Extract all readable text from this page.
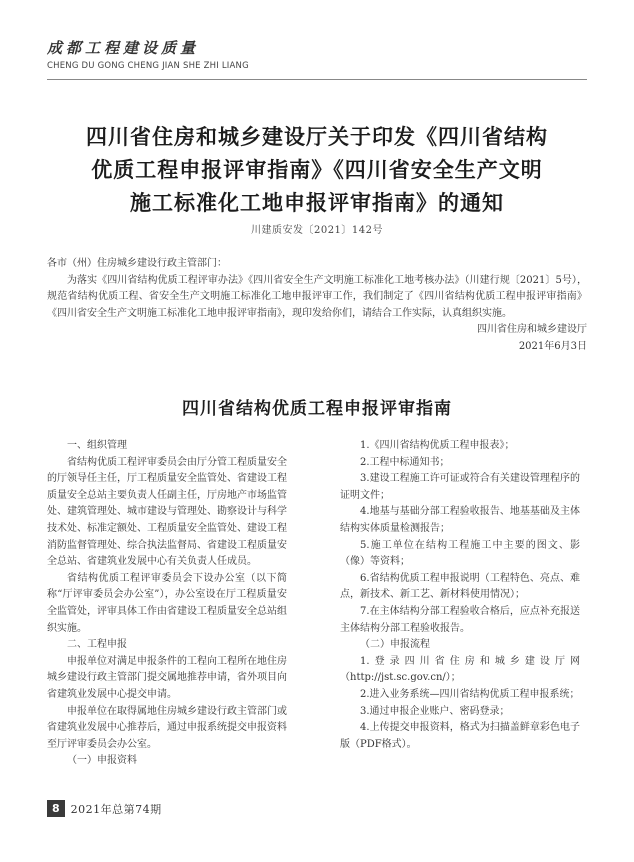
成都工程建设质量
CHENG DU GONG CHENG JIAN SHE ZHI LIANG
四川省住房和城乡建设厅关于印发《四川省结构
优质工程申报评审指南》《四川省安全生产文明
施工标准化工地申报评审指南》的通知
川建质安发〔2021〕142号

各市（州）住房城乡建设行政主管部门：

为落实《四川省结构优质工程评审办法》《四川省安全生产文明施工标准化工地考核办法》（川建行规〔2021〕5号），规范省结构优质工程、省安全生产文明施工标准化工地申报评审工作，我们制定了《四川省结构优质工程申报评审指南》《四川省安全生产文明施工标准化工地申报评审指南》，现印发给你们，请结合工作实际，认真组织实施。

四川省住房和城乡建设厅

2021年6月3日

四川省结构优质工程申报评审指南

一、组织管理

省结构优质工程评审委员会由厅分管工程质量安全的厅领导任主任，厅工程质量安全监管处、省建设工程质量安全总站主要负责人任副主任，厅房地产市场监管处、建筑管理处、城市建设与管理处、勘察设计与科学技术处、标准定额处、工程质量安全监管处、建设工程消防监督管理处、综合执法监督局、省建设工程质量安全总站、省建筑业发展中心有关负责人任成员。

省结构优质工程评审委员会下设办公室（以下简称“厅评审委员会办公室”），办公室设在厅工程质量安全监管处，评审具体工作由省建设工程质量安全总站组织实施。

二、工程申报

申报单位对满足申报条件的工程向工程所在地住房城乡建设行政主管部门提交属地推荐申请，省外项目向省建筑业发展中心提交申请。

申报单位在取得属地住房城乡建设行政主管部门或省建筑业发展中心推荐后，通过申报系统提交申报资料至厅评审委员会办公室。

（一）申报资料

1.《四川省结构优质工程申报表》；

2.工程中标通知书；

3.建设工程施工许可证或符合有关建设管理程序的证明文件；

4.地基与基础分部工程验收报告、地基基础及主体结构实体质量检测报告；

5.施工单位在结构工程施工中主要的图文、影（像）等资料；

6.省结构优质工程申报说明（工程特色、亮点、难点，新技术、新工艺、新材料使用情况）；

7.在主体结构分部工程验收合格后，应点补充报送主体结构分部工程验收报告。

（二）申报流程

1.登录四川省住房和城乡建设厅网（http://jst.sc.gov.cn/）；

2.进入业务系统—四川省结构优质工程申报系统；

3.通过申报企业账户、密码登录；

4.上传提交申报资料，格式为扫描盖鲜章彩色电子版（PDF格式）。

8	2021年总第74期
